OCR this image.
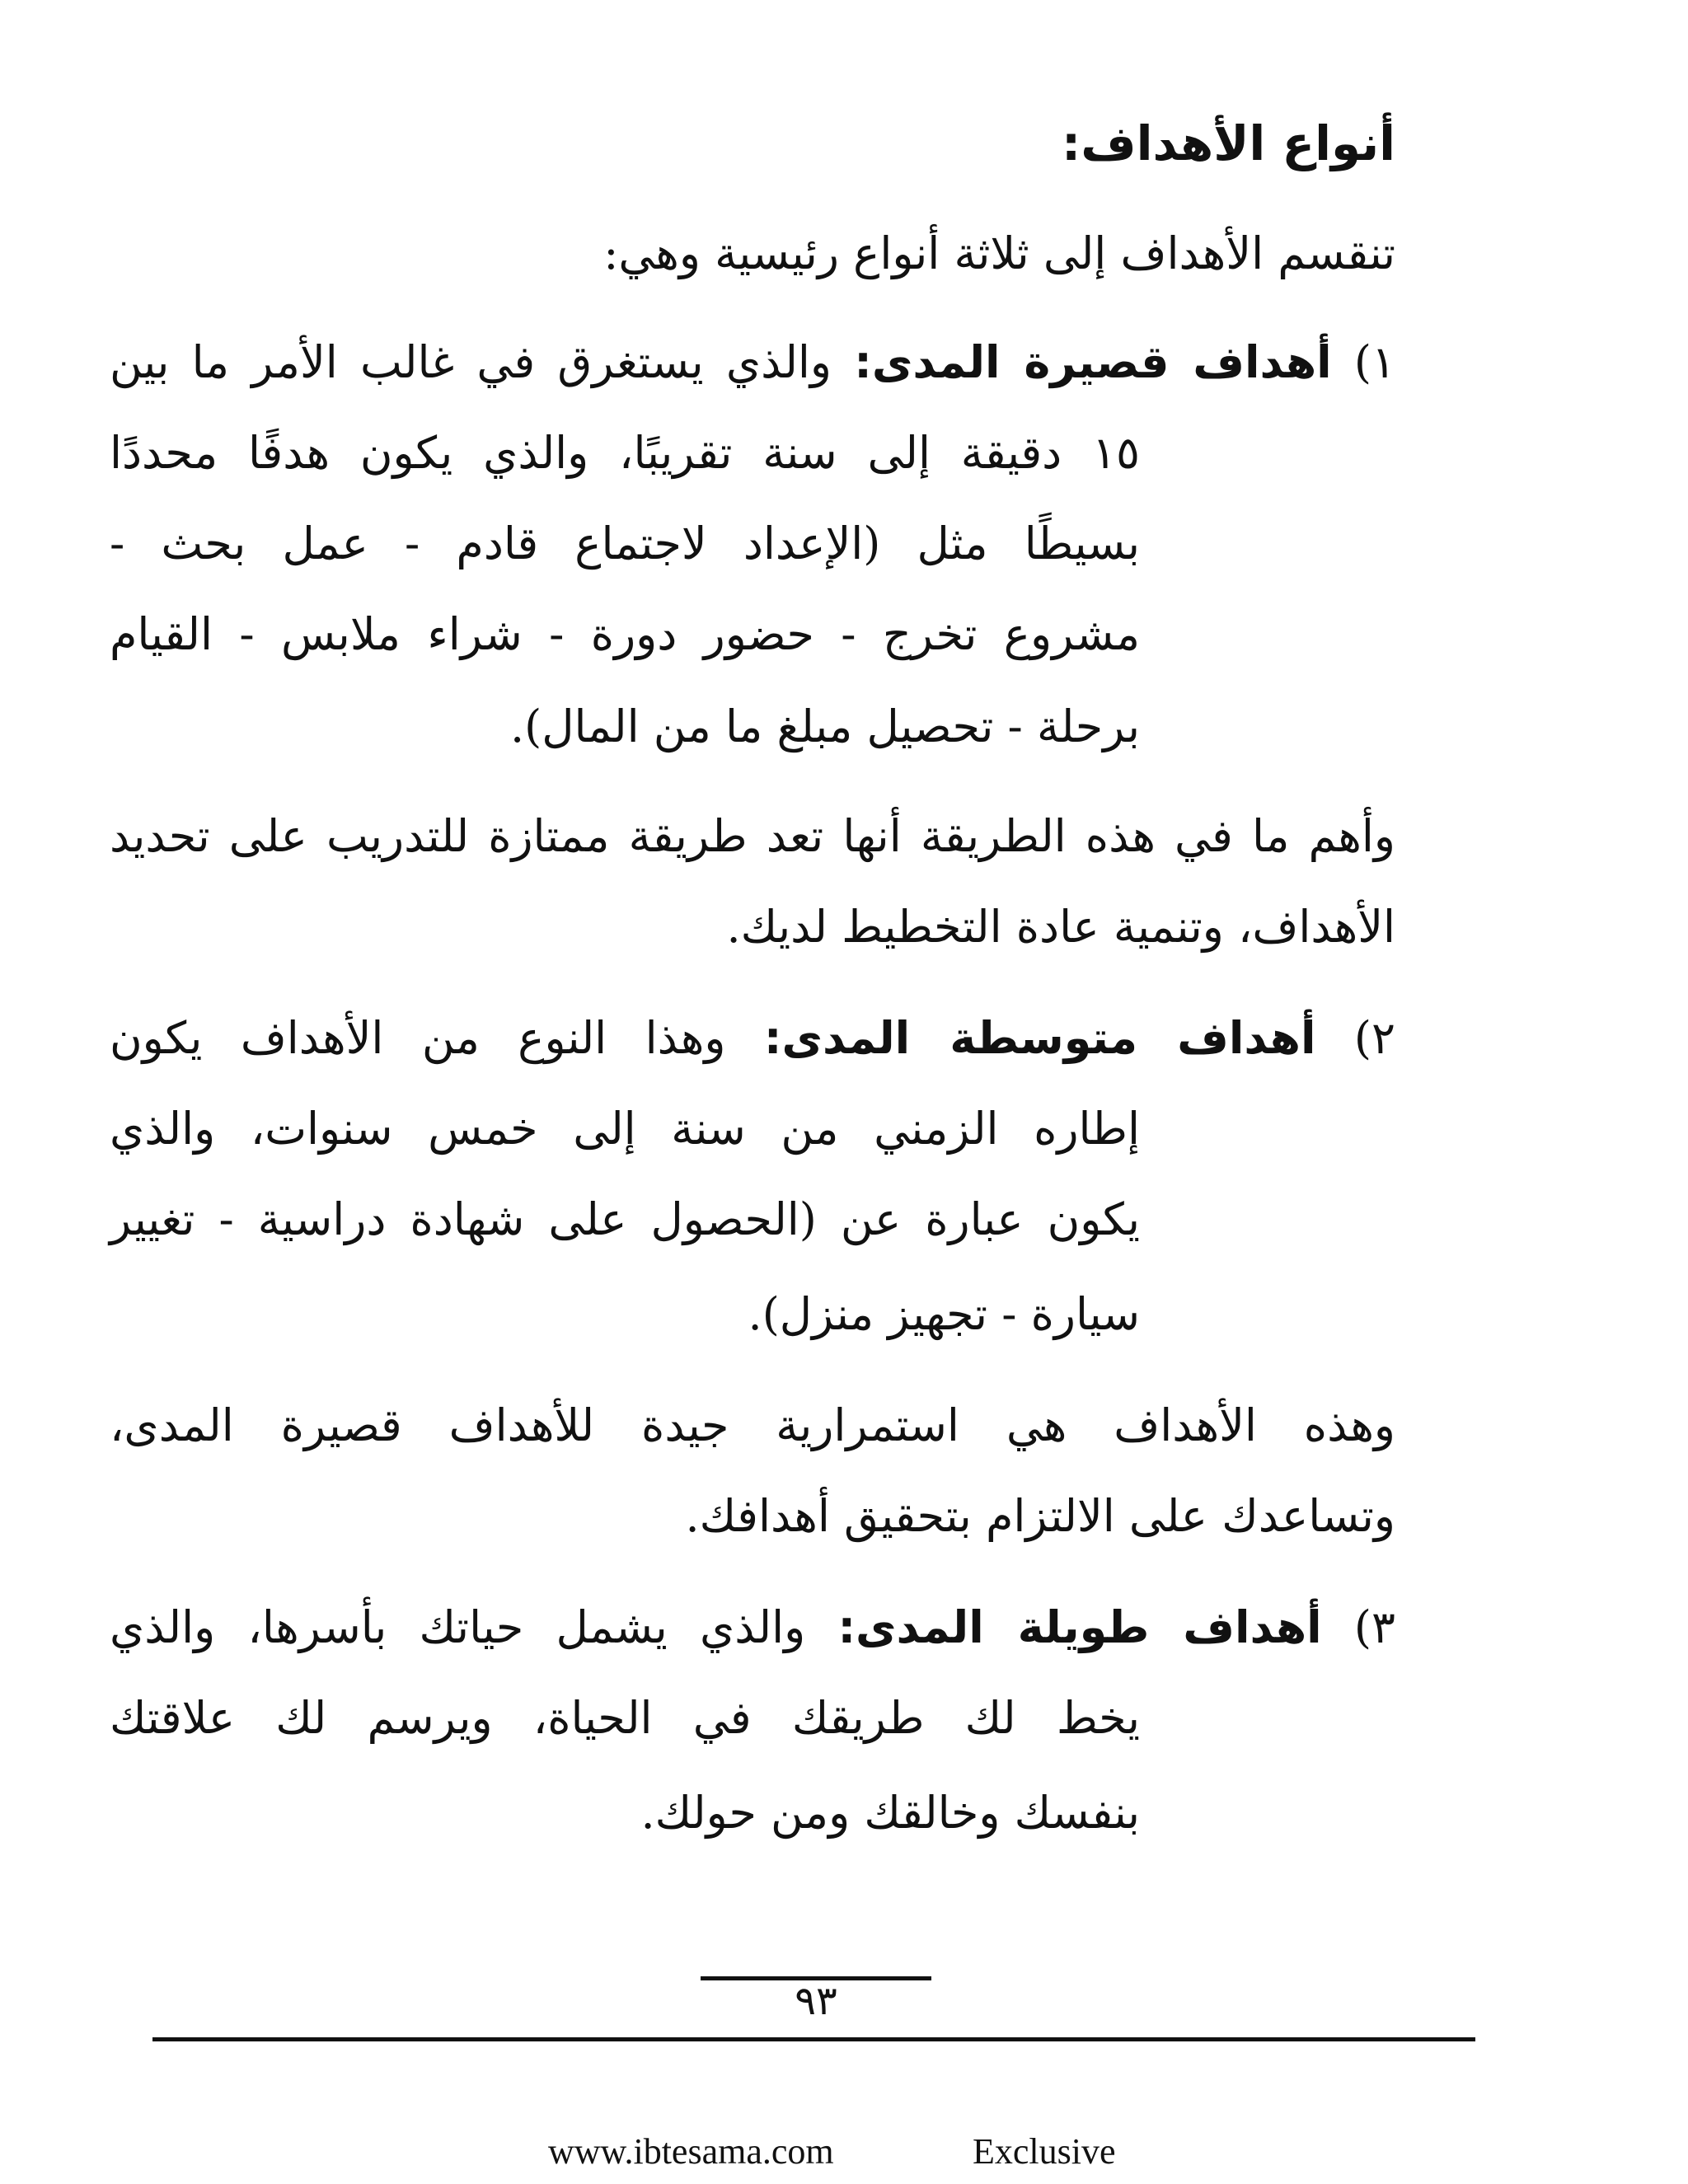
أنواع الأهداف:
تنقسم الأهداف إلى ثلاثة أنواع رئيسية وهي:
١) أهداف قصيرة المدى: والذي يستغرق في غالب الأمر ما بين
١٥ دقيقة إلى سنة تقريبًا، والذي يكون هدفًا محددًا
بسيطًا مثل (الإعداد لاجتماع قادم - عمل بحث -
مشروع تخرج - حضور دورة - شراء ملابس - القيام
برحلة - تحصيل مبلغ ما من المال).
وأهم ما في هذه الطريقة أنها تعد طريقة ممتازة للتدريب على تحديد
الأهداف، وتنمية عادة التخطيط لديك.
٢) أهداف متوسطة المدى: وهذا النوع من الأهداف يكون
إطاره الزمني من سنة إلى خمس سنوات، والذي
يكون عبارة عن (الحصول على شهادة دراسية - تغيير
سيارة - تجهيز منزل).
وهذه الأهداف هي استمرارية جيدة للأهداف قصيرة المدى،
وتساعدك على الالتزام بتحقيق أهدافك.
٣) أهداف طويلة المدى: والذي يشمل حياتك بأسرها، والذي
يخط لك طريقك في الحياة، ويرسم لك علاقتك
بنفسك وخالقك ومن حولك.
٩٣
www.ibtesama.com	Exclusive
